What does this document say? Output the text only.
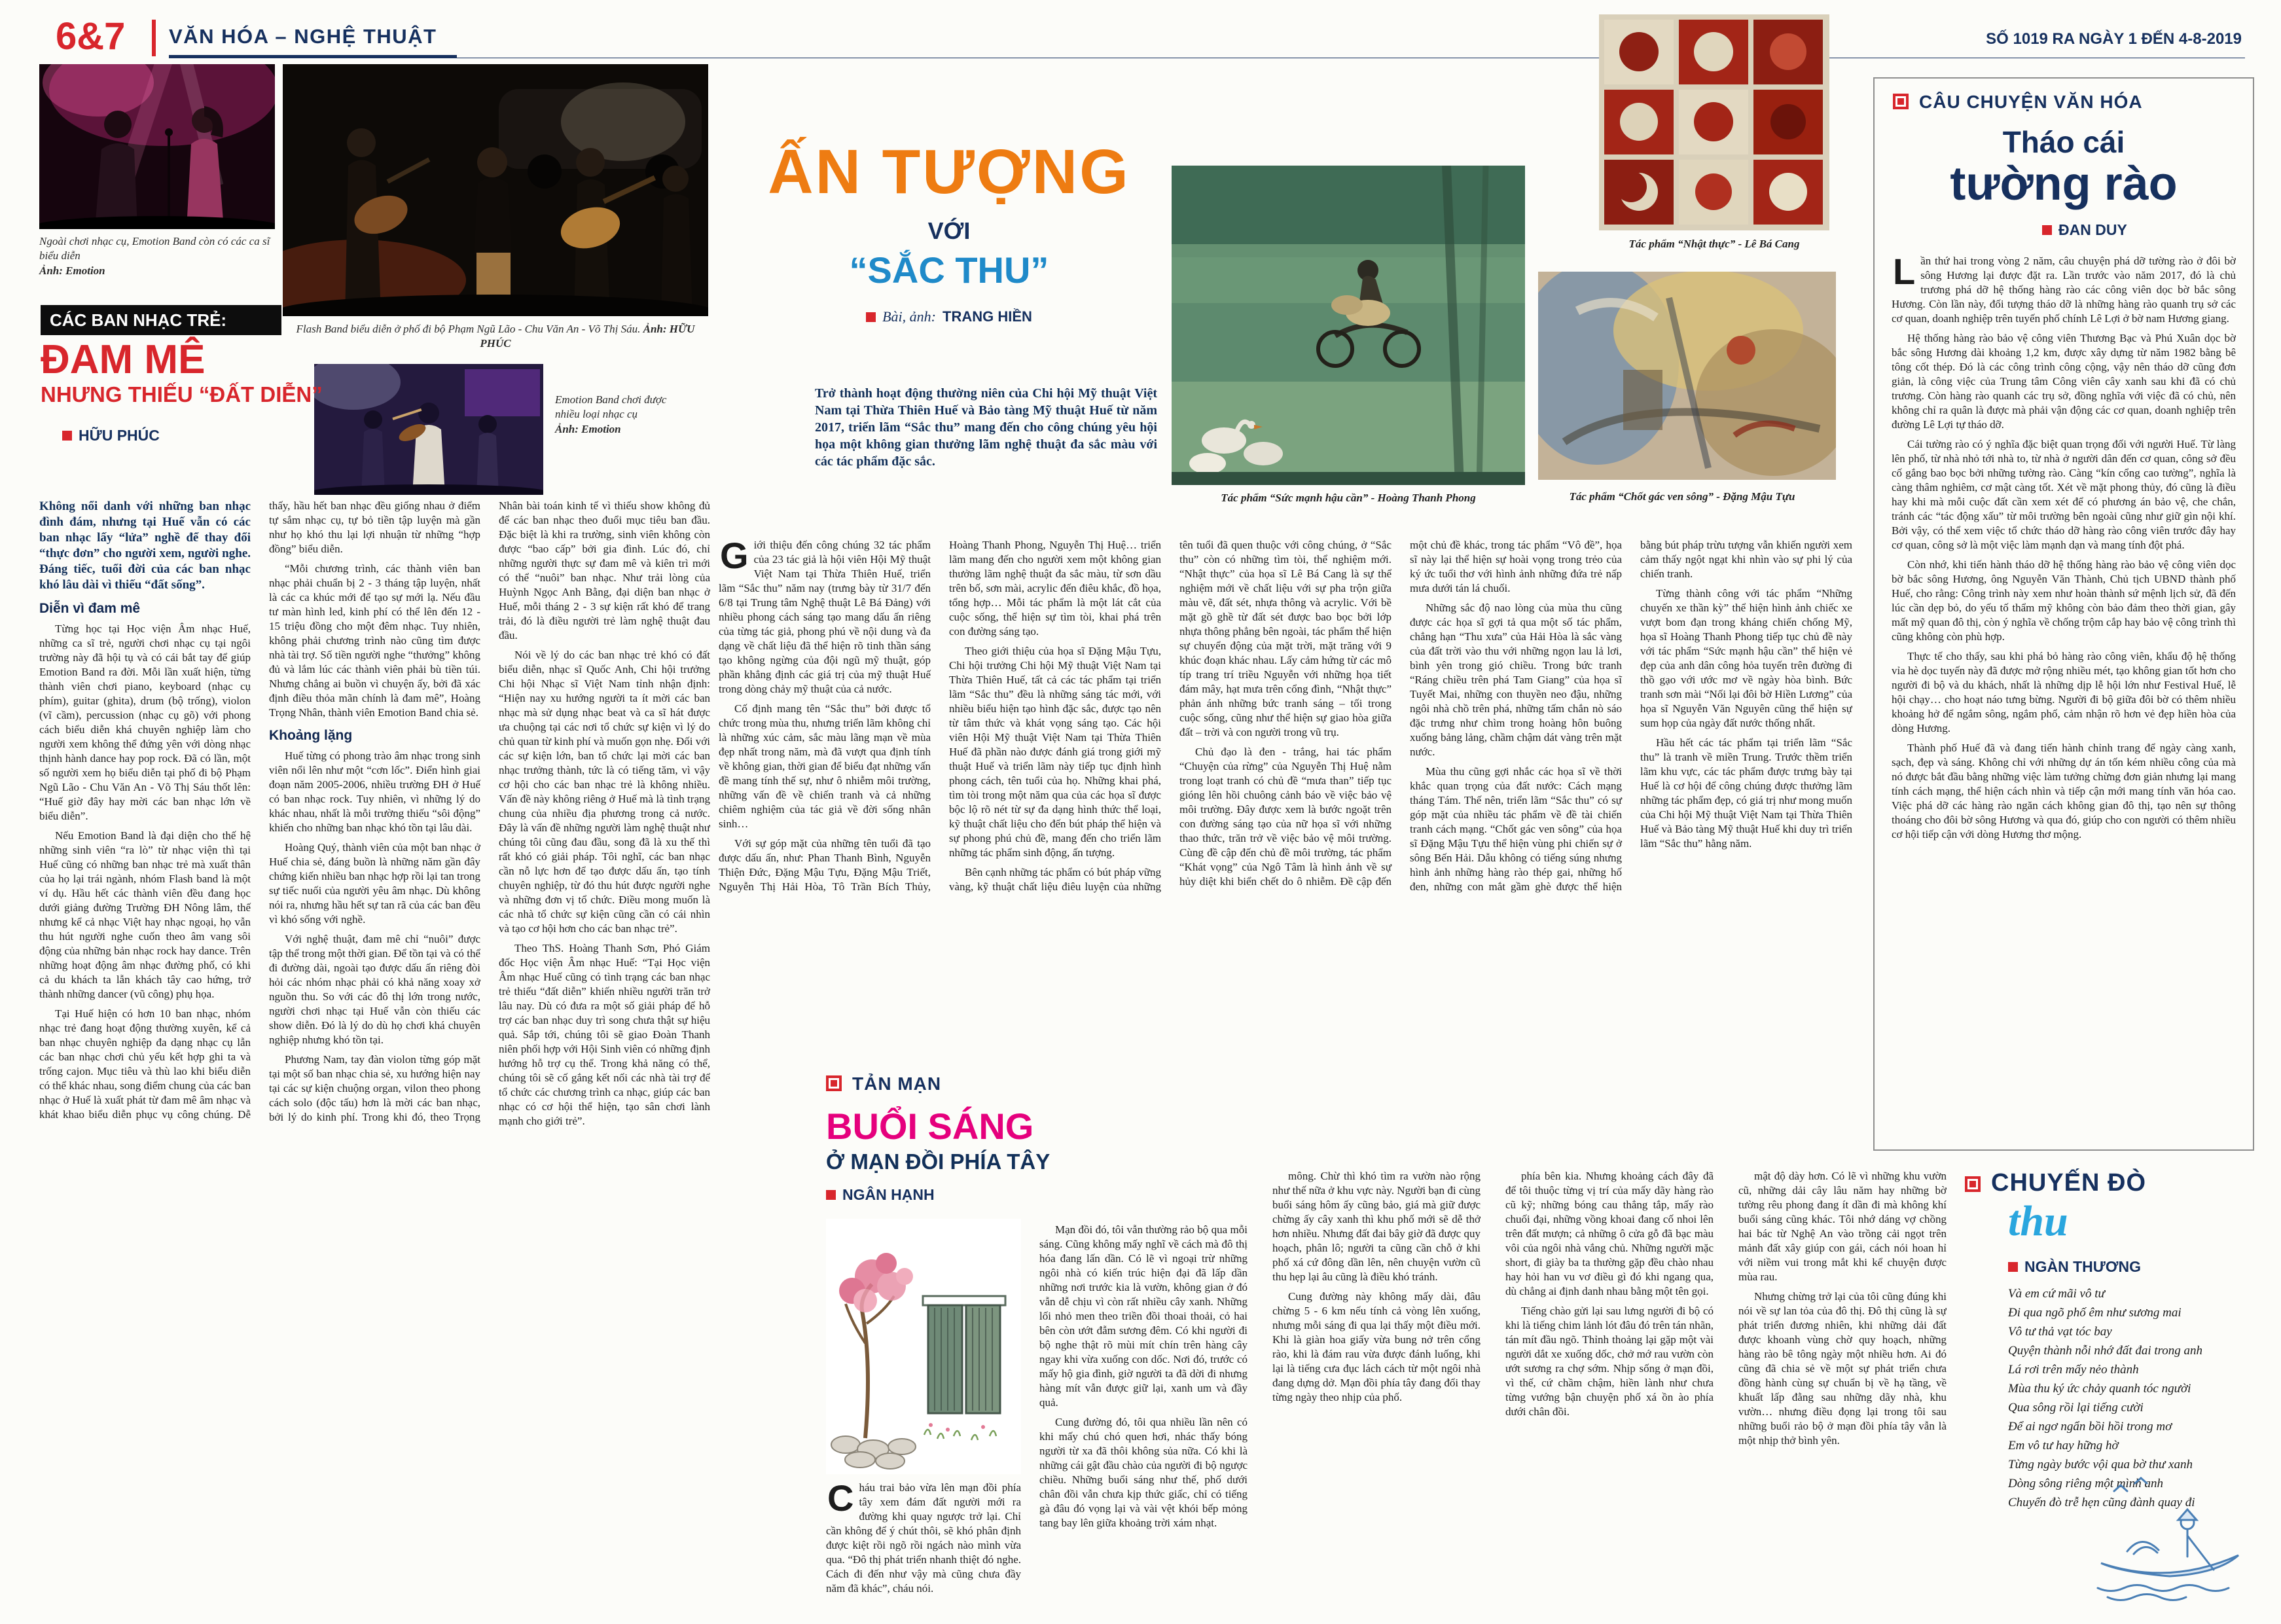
6&7 VĂN HÓA – NGHỆ THUẬT	SỐ 1019 RA NGÀY 1 ĐẾN 4-8-2019
Ngoài chơi nhạc cụ, Emotion Band còn có các ca sĩ biểu diễn
Ảnh: Emotion
Flash Band biểu diễn ở phố đi bộ Phạm Ngũ Lão - Chu Văn An - Võ Thị Sáu. Ảnh: HỮU PHÚC
Emotion Band chơi được nhiều loại nhạc cụ
Ảnh: Emotion
CÁC BAN NHẠC TRẺ:
ĐAM MÊ
NHƯNG THIẾU “ĐẤT DIỄN”
HỮU PHÚC

Không nổi danh với những ban nhạc đình đám, nhưng tại Huế vẫn có các ban nhạc lấy “lửa” nghề để thay đổi “thực đơn” cho người xem, người nghe. Đáng tiếc, tuổi đời của các ban nhạc khó lâu dài vì thiếu “đất sống”.

Diễn vì đam mê

Từng học tại Học viện Âm nhạc Huế, những ca sĩ trẻ, người chơi nhạc cụ tại ngôi trường này đã hội tụ và có cái bắt tay để giúp Emotion Band ra đời. Mỗi lần xuất hiện, từng thành viên chơi piano, keyboard (nhạc cụ phím), guitar (ghita), drum (bộ trống), violon (vĩ cầm), percussion (nhạc cụ gõ) với phong cách biểu diễn khá chuyên nghiệp làm cho người xem không thể đứng yên với dòng nhạc thịnh hành dance hay pop rock. Đã có lần, một số người xem họ biểu diễn tại phố đi bộ Phạm Ngũ Lão - Chu Văn An - Võ Thị Sáu thốt lên: “Huế giờ đây hay mời các ban nhạc lớn về biểu diễn”.

Nếu Emotion Band là đại diện cho thế hệ những sinh viên “ra lò” từ nhạc viện thì tại Huế cũng có những ban nhạc trẻ mà xuất thân của họ lại trái ngành, nhóm Flash band là một ví dụ. Hầu hết các thành viên đều đang học dưới giảng đường Trường ĐH Nông lâm, thế nhưng kể cả nhạc Việt hay nhạc ngoại, họ vẫn thu hút người nghe cuốn theo âm vang sôi động của những bản nhạc rock hay dance. Trên những hoạt động âm nhạc đường phố, có khi cả du khách ta lẫn khách tây cao hứng, trở thành những dancer (vũ công) phụ họa.

Tại Huế hiện có hơn 10 ban nhạc, nhóm nhạc trẻ đang hoạt động thường xuyên, kể cả ban nhạc chuyên nghiệp đa dạng nhạc cụ lẫn các ban nhạc chơi chủ yếu kết hợp ghi ta và trống cajon. Mục tiêu và thù lao khi biểu diễn có thể khác nhau, song điểm chung của các ban nhạc ở Huế là xuất phát từ đam mê âm nhạc và khát khao biểu diễn phục vụ công chúng. Dễ thấy, hầu hết ban nhạc đều giống nhau ở điểm tự sắm nhạc cụ, tự bỏ tiền tập luyện mà gần như họ khó thu lại lợi nhuận từ những “hợp đồng” biểu diễn.

“Mỗi chương trình, các thành viên ban nhạc phải chuẩn bị 2 - 3 tháng tập luyện, nhất là các ca khúc mới để tạo sự mới lạ. Nếu đầu tư màn hình led, kinh phí có thể lên đến 12 - 15 triệu đồng cho một đêm nhạc. Tuy nhiên, không phải chương trình nào cũng tìm được nhà tài trợ. Số tiền người nghe “thưởng” không đủ và lắm lúc các thành viên phải bù tiền túi. Nhưng chẳng ai buồn vì chuyện ấy, bởi đã xác định điều thỏa mãn chính là đam mê”, Hoàng Trọng Nhân, thành viên Emotion Band chia sẻ.

Khoảng lặng

Huế từng có phong trào âm nhạc trong sinh viên nổi lên như một “cơn lốc”. Điển hình giai đoạn năm 2005-2006, nhiều trường ĐH ở Huế có ban nhạc rock. Tuy nhiên, vì những lý do khác nhau, nhất là mỗi trường thiếu “sôi động” khiến cho những ban nhạc khó tồn tại lâu dài.

Hoàng Quý, thành viên của một ban nhạc ở Huế chia sẻ, đáng buồn là những năm gần đây chứng kiến nhiều ban nhạc hợp rồi lại tan trong sự tiếc nuối của người yêu âm nhạc. Dù không nói ra, nhưng hầu hết sự tan rã của các ban đều vì khó sống với nghề.

Với nghệ thuật, đam mê chỉ “nuôi” được tập thể trong một thời gian. Để tồn tại và có thể đi đường dài, ngoài tạo được dấu ấn riêng đòi hỏi các nhóm nhạc phải có khả năng xoay xở nguồn thu. So với các đô thị lớn trong nước, người chơi nhạc tại Huế vẫn còn thiếu các show diễn. Đó là lý do dù họ chơi khá chuyên nghiệp nhưng khó tồn tại.

Phương Nam, tay đàn violon từng góp mặt tại một số ban nhạc chia sẻ, xu hướng hiện nay tại các sự kiện chuộng organ, vilon theo phong cách solo (độc tấu) hơn là mời các ban nhạc, bởi lý do kinh phí. Trong khi đó, theo Trọng Nhân bài toán kinh tế vì thiếu show không đủ để các ban nhạc theo đuổi mục tiêu ban đầu. Đặc biệt là khi ra trường, sinh viên không còn được “bao cấp” bởi gia đình. Lúc đó, chỉ những người thực sự đam mê và kiên trì mới có thể “nuôi” ban nhạc. Như trải lòng của Huỳnh Ngọc Anh Bằng, đại diện ban nhạc ở Huế, mỗi tháng 2 - 3 sự kiện rất khó để trang trải, đó là điều người trẻ làm nghệ thuật đau đầu.

Nói về lý do các ban nhạc trẻ khó có đất biểu diễn, nhạc sĩ Quốc Anh, Chi hội trưởng Chi hội Nhạc sĩ Việt Nam tỉnh nhận định: “Hiện nay xu hướng người ta ít mời các ban nhạc mà sử dụng nhạc beat và ca sĩ hát được ưa chuộng tại các nơi tổ chức sự kiện vì lý do chủ quan từ kinh phí và muốn gọn nhẹ. Đối với các sự kiện lớn, ban tổ chức lại mời các ban nhạc trưởng thành, tức là có tiếng tăm, vì vậy cơ hội cho các ban nhạc trẻ là không nhiều. Vấn đề này không riêng ở Huế mà là tình trạng chung của nhiều địa phương trong cả nước. Đây là vấn đề những người làm nghệ thuật như chúng tôi cũng đau đầu, song đã là xu thế thì rất khó có giải pháp. Tôi nghĩ, các ban nhạc cần nỗ lực hơn để tạo được dấu ấn, tạo tính chuyên nghiệp, từ đó thu hút được người nghe và những đơn vị tổ chức. Điều mong muốn là các nhà tổ chức sự kiện cũng cần có cái nhìn và tạo cơ hội hơn cho các ban nhạc trẻ”.

Theo ThS. Hoàng Thanh Sơn, Phó Giám đốc Học viện Âm nhạc Huế: “Tại Học viện Âm nhạc Huế cũng có tình trạng các ban nhạc trẻ thiếu “đất diễn” khiến nhiều người trăn trở lâu nay. Dù có đưa ra một số giải pháp để hỗ trợ các ban nhạc duy trì song chưa thật sự hiệu quả. Sắp tới, chúng tôi sẽ giao Đoàn Thanh niên phối hợp với Hội Sinh viên có những định hướng hỗ trợ cụ thể. Trong khả năng có thể, chúng tôi sẽ cố gắng kết nối các nhà tài trợ để tổ chức các chương trình ca nhạc, giúp các ban nhạc có cơ hội thể hiện, tạo sân chơi lành mạnh cho giới trẻ”.

ẤN TƯỢNG
VỚI
“SẮC THU”
Bài, ảnh: TRANG HIỀN
Trở thành hoạt động thường niên của Chi hội Mỹ thuật Việt Nam tại Thừa Thiên Huế và Bảo tàng Mỹ thuật Huế từ năm 2017, triển lãm “Sắc thu” mang đến cho công chúng yêu hội họa một không gian thưởng lãm nghệ thuật đa sắc màu với các tác phẩm đặc sắc.
Tác phẩm “Sức mạnh hậu cần” - Hoàng Thanh Phong
Tác phẩm “Nhật thực” - Lê Bá Cang
Tác phẩm “Chốt gác ven sông” - Đặng Mậu Tựu

Giới thiệu đến công chúng 32 tác phẩm của 23 tác giả là hội viên Hội Mỹ thuật Việt Nam tại Thừa Thiên Huế, triển lãm “Sắc thu” năm nay (trưng bày từ 31/7 đến 6/8 tại Trung tâm Nghệ thuật Lê Bá Đảng) với nhiều phong cách sáng tạo mang dấu ấn riêng của từng tác giả, phong phú về nội dung và đa dạng về chất liệu đã thể hiện rõ tinh thần sáng tạo không ngừng của đội ngũ mỹ thuật, góp phần khẳng định các giá trị của mỹ thuật Huế trong dòng chảy mỹ thuật của cả nước.

Cố định mang tên “Sắc thu” bởi được tổ chức trong mùa thu, nhưng triển lãm không chỉ là những xúc cảm, sắc màu lãng mạn về mùa đẹp nhất trong năm, mà đã vượt qua định tính về không gian, thời gian để biểu đạt những vấn đề mang tính thế sự, như ô nhiễm môi trường, những vấn đề về chiến tranh và cả những chiêm nghiệm của tác giả về đời sống nhân sinh…

Với sự góp mặt của những tên tuổi đã tạo được dấu ấn, như: Phan Thanh Bình, Nguyễn Thiện Đức, Đặng Mậu Tựu, Đặng Mậu Triết, Nguyễn Thị Hải Hòa, Tô Trần Bích Thủy, Hoàng Thanh Phong, Nguyễn Thị Huệ… triển lãm mang đến cho người xem một không gian thưởng lãm nghệ thuật đa sắc màu, từ sơn dầu trên bố, sơn mài, acrylic đến điêu khắc, đồ họa, tổng hợp… Mỗi tác phẩm là một lát cắt của cuộc sống, thể hiện sự tìm tòi, khai phá trên con đường sáng tạo.

Theo giới thiệu của họa sĩ Đặng Mậu Tựu, Chi hội trưởng Chi hội Mỹ thuật Việt Nam tại Thừa Thiên Huế, tất cả các tác phẩm tại triển lãm “Sắc thu” đều là những sáng tác mới, với nhiều biểu hiện tạo hình đặc sắc, được tạo nên từ tâm thức và khát vọng sáng tạo. Các hội viên Hội Mỹ thuật Việt Nam tại Thừa Thiên Huế đã phần nào được đánh giá trong giới mỹ thuật Huế và triển lãm này tiếp tục định hình phong cách, tên tuổi của họ. Những khai phá, tìm tòi trong một năm qua của các họa sĩ được bộc lộ rõ nét từ sự đa dạng hình thức thể loại, kỹ thuật chất liệu cho đến bút pháp thể hiện và sự phong phú chủ đề, mang đến cho triển lãm những tác phẩm sinh động, ấn tượng.

Bên cạnh những tác phẩm có bút pháp vững vàng, kỹ thuật chất liệu điêu luyện của những tên tuổi đã quen thuộc với công chúng, ở “Sắc thu” còn có những tìm tòi, thể nghiệm mới. “Nhật thực” của họa sĩ Lê Bá Cang là sự thể nghiệm mới về chất liệu với sự pha trộn giữa màu vẽ, đất sét, nhựa thông và acrylic. Với bề mặt gồ ghề từ đất sét được bao bọc bởi lớp nhựa thông phẳng bên ngoài, tác phẩm thể hiện sự chuyển động của mặt trời, mặt trăng với 9 khúc đoạn khác nhau. Lấy cảm hứng từ các mô típ trang trí triều Nguyễn với những họa tiết đám mây, hạt mưa trên cổng đình, “Nhật thực” phản ánh những bức tranh sáng – tối trong cuộc sống, cũng như thể hiện sự giao hòa giữa đất – trời và con người trong vũ trụ.

Chủ đạo là đen - trắng, hai tác phẩm “Chuyện của rừng” của Nguyễn Thị Huệ nằm trong loạt tranh có chủ đề “mưa than” tiếp tục gióng lên hồi chuông cảnh báo về việc bảo vệ môi trường. Đây được xem là bước ngoặt trên con đường sáng tạo của nữ họa sĩ với những thao thức, trăn trở về việc bảo vệ môi trường. Cùng đề cập đến chủ đề môi trường, tác phẩm “Khát vọng” của Ngô Tâm là hình ảnh về sự hủy diệt khi biển chết do ô nhiễm. Đề cập đến một chủ đề khác, trong tác phẩm “Vô đề”, họa sĩ này lại thể hiện sự hoài vọng trong trẻo của ký ức tuổi thơ với hình ảnh những đứa trẻ nấp mưa dưới tán lá chuối.

Những sắc độ nao lòng của mùa thu cũng được các họ‌a sĩ gợi tả qua một số tác phẩm, chẳng hạn “Thu xưa” của Hải Hòa là sắc vàng của đất trời vào thu với những ngọn lau lả lơi, bình yên trong gió chiều. Trong bức tranh “Ráng chiều trên phá Tam Giang” của họa sĩ Tuyết Mai, những con thuyền neo đậu, những ngôi nhà chồ trên phá, những tấm chắn nò sáo đặc trưng như chìm trong hoàng hôn buông xuống bảng lảng, chầm chậm dát vàng trên mặt nước.

Mùa thu cũng gợi nhắc các họa sĩ về thời khắc quan trọng của đất nước: Cách mạng tháng Tám. Thế nên, triển lãm “Sắc thu” có sự góp mặt của nhiều tác phẩm về đề tài chiến tranh cách mạng. “Chốt gác ven sông” của họa sĩ Đặng Mậu Tựu thể hiện vùng phi chiến sự ở sông Bến Hải. Dẫu không có tiếng súng nhưng hình ảnh những hàng rào thép gai, những hố đen, những con mắt gầm ghè được thể hiện bằng bút pháp trừu tượng vẫn khiến người xem cảm thấy ngột ngạt khi nhìn vào sự phi lý của chiến tranh.

Từng thành công với tác phẩm “Những chuyến xe thần kỳ” thể hiện hình ảnh chiếc xe vượt bom đạn trong kháng chiến chống Mỹ, họa sĩ Hoàng Thanh Phong tiếp tục chủ đề này với tác phẩm “Sức mạnh hậu cần” thể hiện vẻ đẹp của anh dân công hỏa tuyến trên đường đi thồ gạo với ước mơ về ngày hòa bình. Bức tranh sơn mài “Nối lại đôi bờ Hiền Lương” của họa sĩ Nguyễn Văn Nguyên cũng thể hiện sự sum họp của ngày đất nước thống nhất.

Hầu hết các tác phẩm tại triển lãm “Sắc thu” là tranh về miền Trung. Trước thềm triển lãm khu vực, các tác phẩm được trưng bày tại Huế là cơ hội để công chúng được thưởng lãm những tác phẩm đẹp, có giá trị như mong muốn của Chi hội Mỹ thuật Việt Nam tại Thừa Thiên Huế và Bảo tàng Mỹ thuật Huế khi duy trì triển lãm “Sắc thu” hằng năm.

CÂU CHUYỆN VĂN HÓA
Tháo cái
tường rào
ĐAN DUY

Lần thứ hai trong vòng 2 năm, câu chuyện phá dỡ tường rào ở đôi bờ sông Hương lại được đặt ra. Lần trước vào năm 2017, đó là chủ trương phá dỡ hệ thống hàng rào các công viên dọc bờ bắc sông Hương. Còn lần này, đối tượng tháo dỡ là những hàng rào quanh trụ sở các cơ quan, doanh nghiệp trên tuyến phố chính Lê Lợi ở bờ nam Hương giang.

Hệ thống hàng rào bảo vệ công viên Thương Bạc và Phú Xuân dọc bờ bắc sông Hương dài khoảng 1,2 km, được xây dựng từ năm 1982 bằng bê tông cốt thép. Đó là các công trình công cộng, vậy nên tháo dỡ cũng đơn giản, là công việc của Trung tâm Công viên cây xanh sau khi đã có chủ trương. Còn hàng rào quanh các trụ sở, đồng nghĩa với việc đã có chủ, nên không chỉ ra quân là được mà phải vận động các cơ quan, doanh nghiệp trên đường Lê Lợi tự tháo dỡ.

Cái tường rào có ý nghĩa đặc biệt quan trọng đối với người Huế. Từ làng lên phố, từ nhà nhỏ tới nhà to, từ nhà ở người dân đến cơ quan, công sở đều cố gắng bao bọc bởi những tường rào. Càng “kín cổng cao tường”, nghĩa là càng thâm nghiêm, cơ mật càng tốt. Xét về mặt phong thủy, đó cũng là điều hay khi mà mỗi cuộc đất cần xem xét để có phương án bảo vệ, che chắn, tránh các “tác động xấu” từ môi trường bên ngoài cũng như giữ gìn nội khí. Bởi vậy, có thể xem việc tổ chức tháo dỡ hàng rào công viên trước đây hay cơ quan, công sở là một việc làm mạnh dạn và mang tính đột phá.

Còn nhớ, khi tiến hành tháo dỡ hệ thống hàng rào bảo vệ công viên dọc bờ bắc sông Hương, ông Nguyễn Văn Thành, Chủ tịch UBND thành phố Huế, cho rằng: Công trình này xem như hoàn thành sứ mệnh lịch sử, đã đến lúc cần dẹp bỏ, do yếu tố thẩm mỹ không còn bảo đảm theo thời gian, gây mất mỹ quan đô thị, còn ý nghĩa về chống trộm cắp hay bảo vệ công trình thì cũng không còn phù hợp.

Thực tế cho thấy, sau khi phá bỏ hàng rào công viên, khẩu độ hệ thống vỉa hè dọc tuyến này đã được mở rộng nhiều mét, tạo không gian tốt hơn cho người đi bộ và du khách, nhất là những dịp lễ hội lớn như Festival Huế, lễ hội chạy… cho hoạt náo tưng bừng. Người đi bộ giữa đôi bờ có thêm nhiều khoảng hở để ngắm sông, ngắm phố, cảm nhận rõ hơn vẻ đẹp hiền hòa của dòng Hương.

Thành phố Huế đã và đang tiến hành chỉnh trang để ngày càng xanh, sạch, đẹp và sáng. Không chỉ với những dự án tốn kém nhiều công của mà nó được bắt đầu bằng những việc làm tưởng chừng đơn giản nhưng lại mang tính cách mạng, thể hiện cách nhìn và tiếp cận mới mang tính văn hóa cao. Việc phá dỡ các hàng rào ngăn cách không gian đô thị, tạo nên sự thông thoáng cho đôi bờ sông Hương và qua đó, giúp cho con người có thêm nhiều cơ hội tiếp cận với dòng Hương thơ mộng.

TẢN MẠN
BUỔI SÁNG
Ở MẠN ĐỒI PHÍA TÂY
NGÂN HẠNH

Cháu trai bảo vừa lên mạn đồi phía tây xem đám đất người mới ra đường khi quay ngược trở lại. Chỉ cần không để ý chút thôi, sẽ khó phân định được kiệt rồi ngõ rồi ngách nào mình vừa qua. “Đô thị phát triển nhanh thiệt đó nghe. Cách đi đến như vậy mà cũng chưa đầy năm đã khác”, cháu nói.

Mạn đồi đó, tôi vẫn thường rảo bộ qua mỗi sáng. Cũng không mấy nghĩ về cách mà đô thị hóa đang lấn dần. Có lẽ vì ngoại trừ những ngôi nhà có kiến trúc hiện đại đã lấp dần những nơi trước kia là vườn, không gian ở đó vẫn dễ chịu vì còn rất nhiều cây xanh. Những lối nhỏ men theo triền đồi thoai thoải, cỏ hai bên còn ướt đẫm sương đêm. Có khi người đi bộ nghe thật rõ mùi mít chín trên hàng cây ngay khi vừa xuống con dốc. Nơi đó, trước có mấy hộ gia đình, giờ người ta đã dời đi nhưng hàng mít vẫn được giữ lại, xanh um và đầy quả.

Cung đường đó, tôi qua nhiều lần nên có khi mấy chú chó quen hơi, nhác thấy bóng người từ xa đã thôi không sủa nữa. Có khi là những cái gật đầu chào của người đi bộ ngược chiều. Những buổi sáng như thế, phố dưới chân đồi vẫn chưa kịp thức giấc, chỉ có tiếng gà đâu đó vọng lại và vài vệt khói bếp mỏng tang bay lên giữa khoảng trời xám nhạt.

mông. Chừ thì khó tìm ra vườn nào rộng như thế nữa ở khu vực này. Người bạn đi cùng buổi sáng hôm ấy cũng bảo, giá mà giữ được chừng ấy cây xanh thì khu phố mới sẽ dễ thở hơn nhiều. Nhưng đất đai bây giờ đã được quy hoạch, phân lô; người ta cũng cần chỗ ở khi phố xá cứ đông dần lên, nên chuyện vườn cũ thu hẹp lại âu cũng là điều khó tránh.

Cung đường này không mấy dài, đâu chừng 5 - 6 km nếu tính cả vòng lên xuống, nhưng mỗi sáng đi qua lại thấy một điều mới. Khi là giàn hoa giấy vừa bung nở trên cổng rào, khi là đám rau vừa được đánh luống, khi lại là tiếng cưa đục lách cách từ một ngôi nhà đang dựng dở. Mạn đồi phía tây đang đổi thay từng ngày theo nhịp của phố.

phía bên kia. Nhưng khoảng cách đây đã để tôi thuộc từng vị trí của mấy dãy hàng rào cũ kỹ; những bóng cau thẳng tắp, mấy rào chuối đại, những vồng khoai đang cố nhoi lên trên đất mượn; cả những ô cửa gỗ đã bạc màu vôi của ngôi nhà vắng chủ. Những người mặc short, đi giày ba ta thường gặp đều chào nhau hay hỏi han vu vơ điều gì đó khi ngang qua, dù chẳng ai định danh nhau bằng một tên gọi.

Tiếng chào gửi lại sau lưng người đi bộ có khi là tiếng chim lảnh lót đâu đó trên tán nhãn, tán mít đầu ngõ. Thỉnh thoảng lại gặp một vài người dắt xe xuống dốc, chở mớ rau vườn còn ướt sương ra chợ sớm. Nhịp sống ở mạn đồi, vì thế, cứ chầm chậm, hiền lành như chưa từng vướng bận chuyện phố xá ồn ào phía dưới chân đồi.

mật độ dày hơn. Có lẽ vì những khu vườn cũ, những dải cây lâu năm hay những bờ tường rêu phong đang ít dần đi mà không khí buổi sáng cũng khác. Tôi nhớ dáng vợ chồng hai bác từ Nghệ An vào trồng cải ngọt trên mảnh đất xây giúp con gái, cách nói hoan hỉ với niềm vui trong mắt khi kể chuyện được mùa rau.

Nhưng chừng trở lại của tôi cũng đúng khi nói về sự lan tỏa của đô thị. Đô thị cũng là sự phát triển đương nhiên, khi những dải đất được khoanh vùng chờ quy hoạch, những hàng rào bê tông ngày một nhiều hơn. Ai đó cũng đã chia sẻ về một sự phát triển chưa đồng hành cùng sự chuẩn bị về hạ tầng, về khuất lấp đằng sau những dãy nhà, khu vườn… nhưng điều đọng lại trong tôi sau những buổi rảo bộ ở mạn đồi phía tây vẫn là một nhịp thở bình yên.

CHUYẾN ĐÒ
thu
NGÀN THƯƠNG

Và em cứ mãi vô tư

Đi qua ngõ phố êm như sương mai

Vô tư thả vạt tóc bay

Quyện thành nỗi nhớ đất đai trong anh

Lá rơi trên mấy nẻo thành

Mùa thu ký ức chảy quanh tóc người

Qua sông rồi lại tiếng cười

Để ai ngơ ngẩn bồi hồi trong mơ

Em vô tư hay hững hờ

Từng ngày bước vội qua bờ thư xanh

Dòng sông riêng một mình anh

Chuyến đò trễ hẹn cũng đành quay đi
